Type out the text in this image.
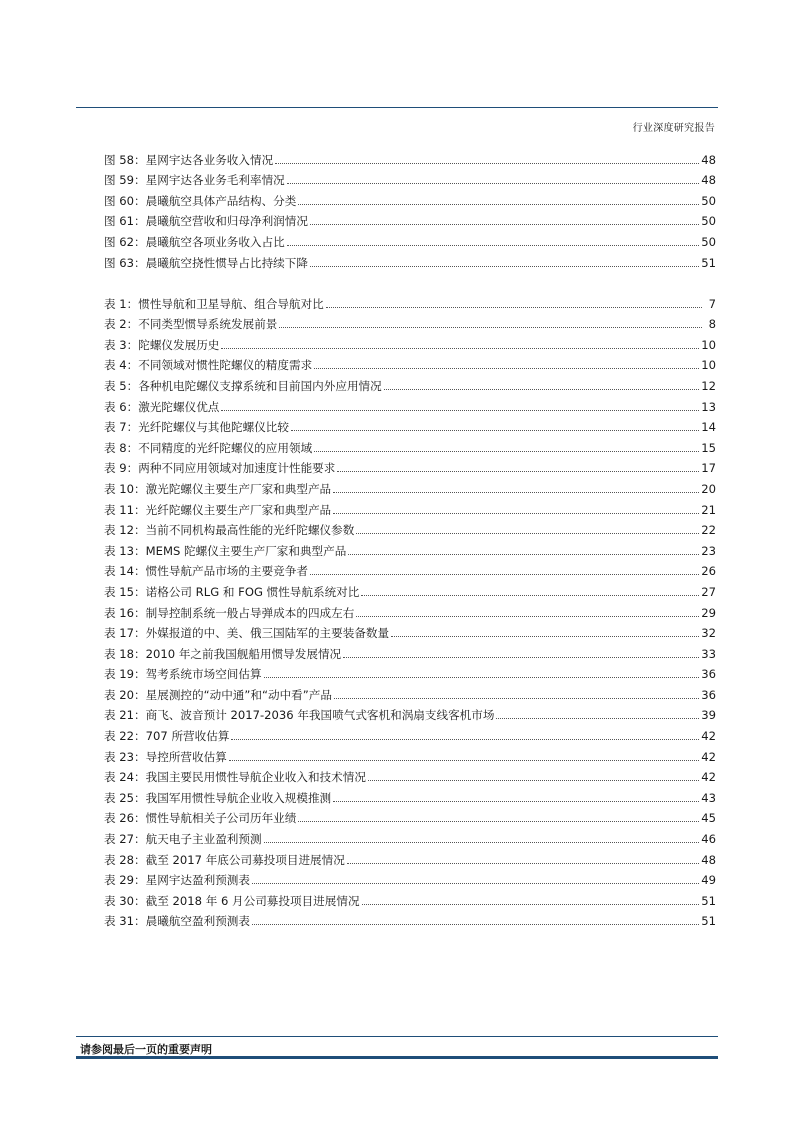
行业深度研究报告
图 58：星网宇达各业务收入情况	48
图 59：星网宇达各业务毛利率情况	48
图 60：晨曦航空具体产品结构、分类	50
图 61：晨曦航空营收和归母净利润情况	50
图 62：晨曦航空各项业务收入占比	50
图 63：晨曦航空挠性惯导占比持续下降	51
表 1：惯性导航和卫星导航、组合导航对比	7
表 2：不同类型惯导系统发展前景	8
表 3：陀螺仪发展历史	10
表 4：不同领域对惯性陀螺仪的精度需求	10
表 5：各种机电陀螺仪支撑系统和目前国内外应用情况	12
表 6：激光陀螺仪优点	13
表 7：光纤陀螺仪与其他陀螺仪比较	14
表 8：不同精度的光纤陀螺仪的应用领域	15
表 9：两种不同应用领域对加速度计性能要求	17
表 10：激光陀螺仪主要生产厂家和典型产品	20
表 11：光纤陀螺仪主要生产厂家和典型产品	21
表 12：当前不同机构最高性能的光纤陀螺仪参数	22
表 13：MEMS 陀螺仪主要生产厂家和典型产品	23
表 14：惯性导航产品市场的主要竞争者	26
表 15：诺格公司 RLG 和 FOG 惯性导航系统对比	27
表 16：制导控制系统一般占导弹成本的四成左右	29
表 17：外媒报道的中、美、俄三国陆军的主要装备数量	32
表 18：2010 年之前我国舰船用惯导发展情况	33
表 19：驾考系统市场空间估算	36
表 20：星展测控的“动中通”和“动中看”产品	36
表 21：商飞、波音预计 2017-2036 年我国喷气式客机和涡扇支线客机市场	39
表 22：707 所营收估算	42
表 23：导控所营收估算	42
表 24：我国主要民用惯性导航企业收入和技术情况	42
表 25：我国军用惯性导航企业收入规模推测	43
表 26：惯性导航相关子公司历年业绩	45
表 27：航天电子主业盈利预测	46
表 28：截至 2017 年底公司募投项目进展情况	48
表 29：星网宇达盈利预测表	49
表 30：截至 2018 年 6 月公司募投项目进展情况	51
表 31：晨曦航空盈利预测表	51
请参阅最后一页的重要声明
